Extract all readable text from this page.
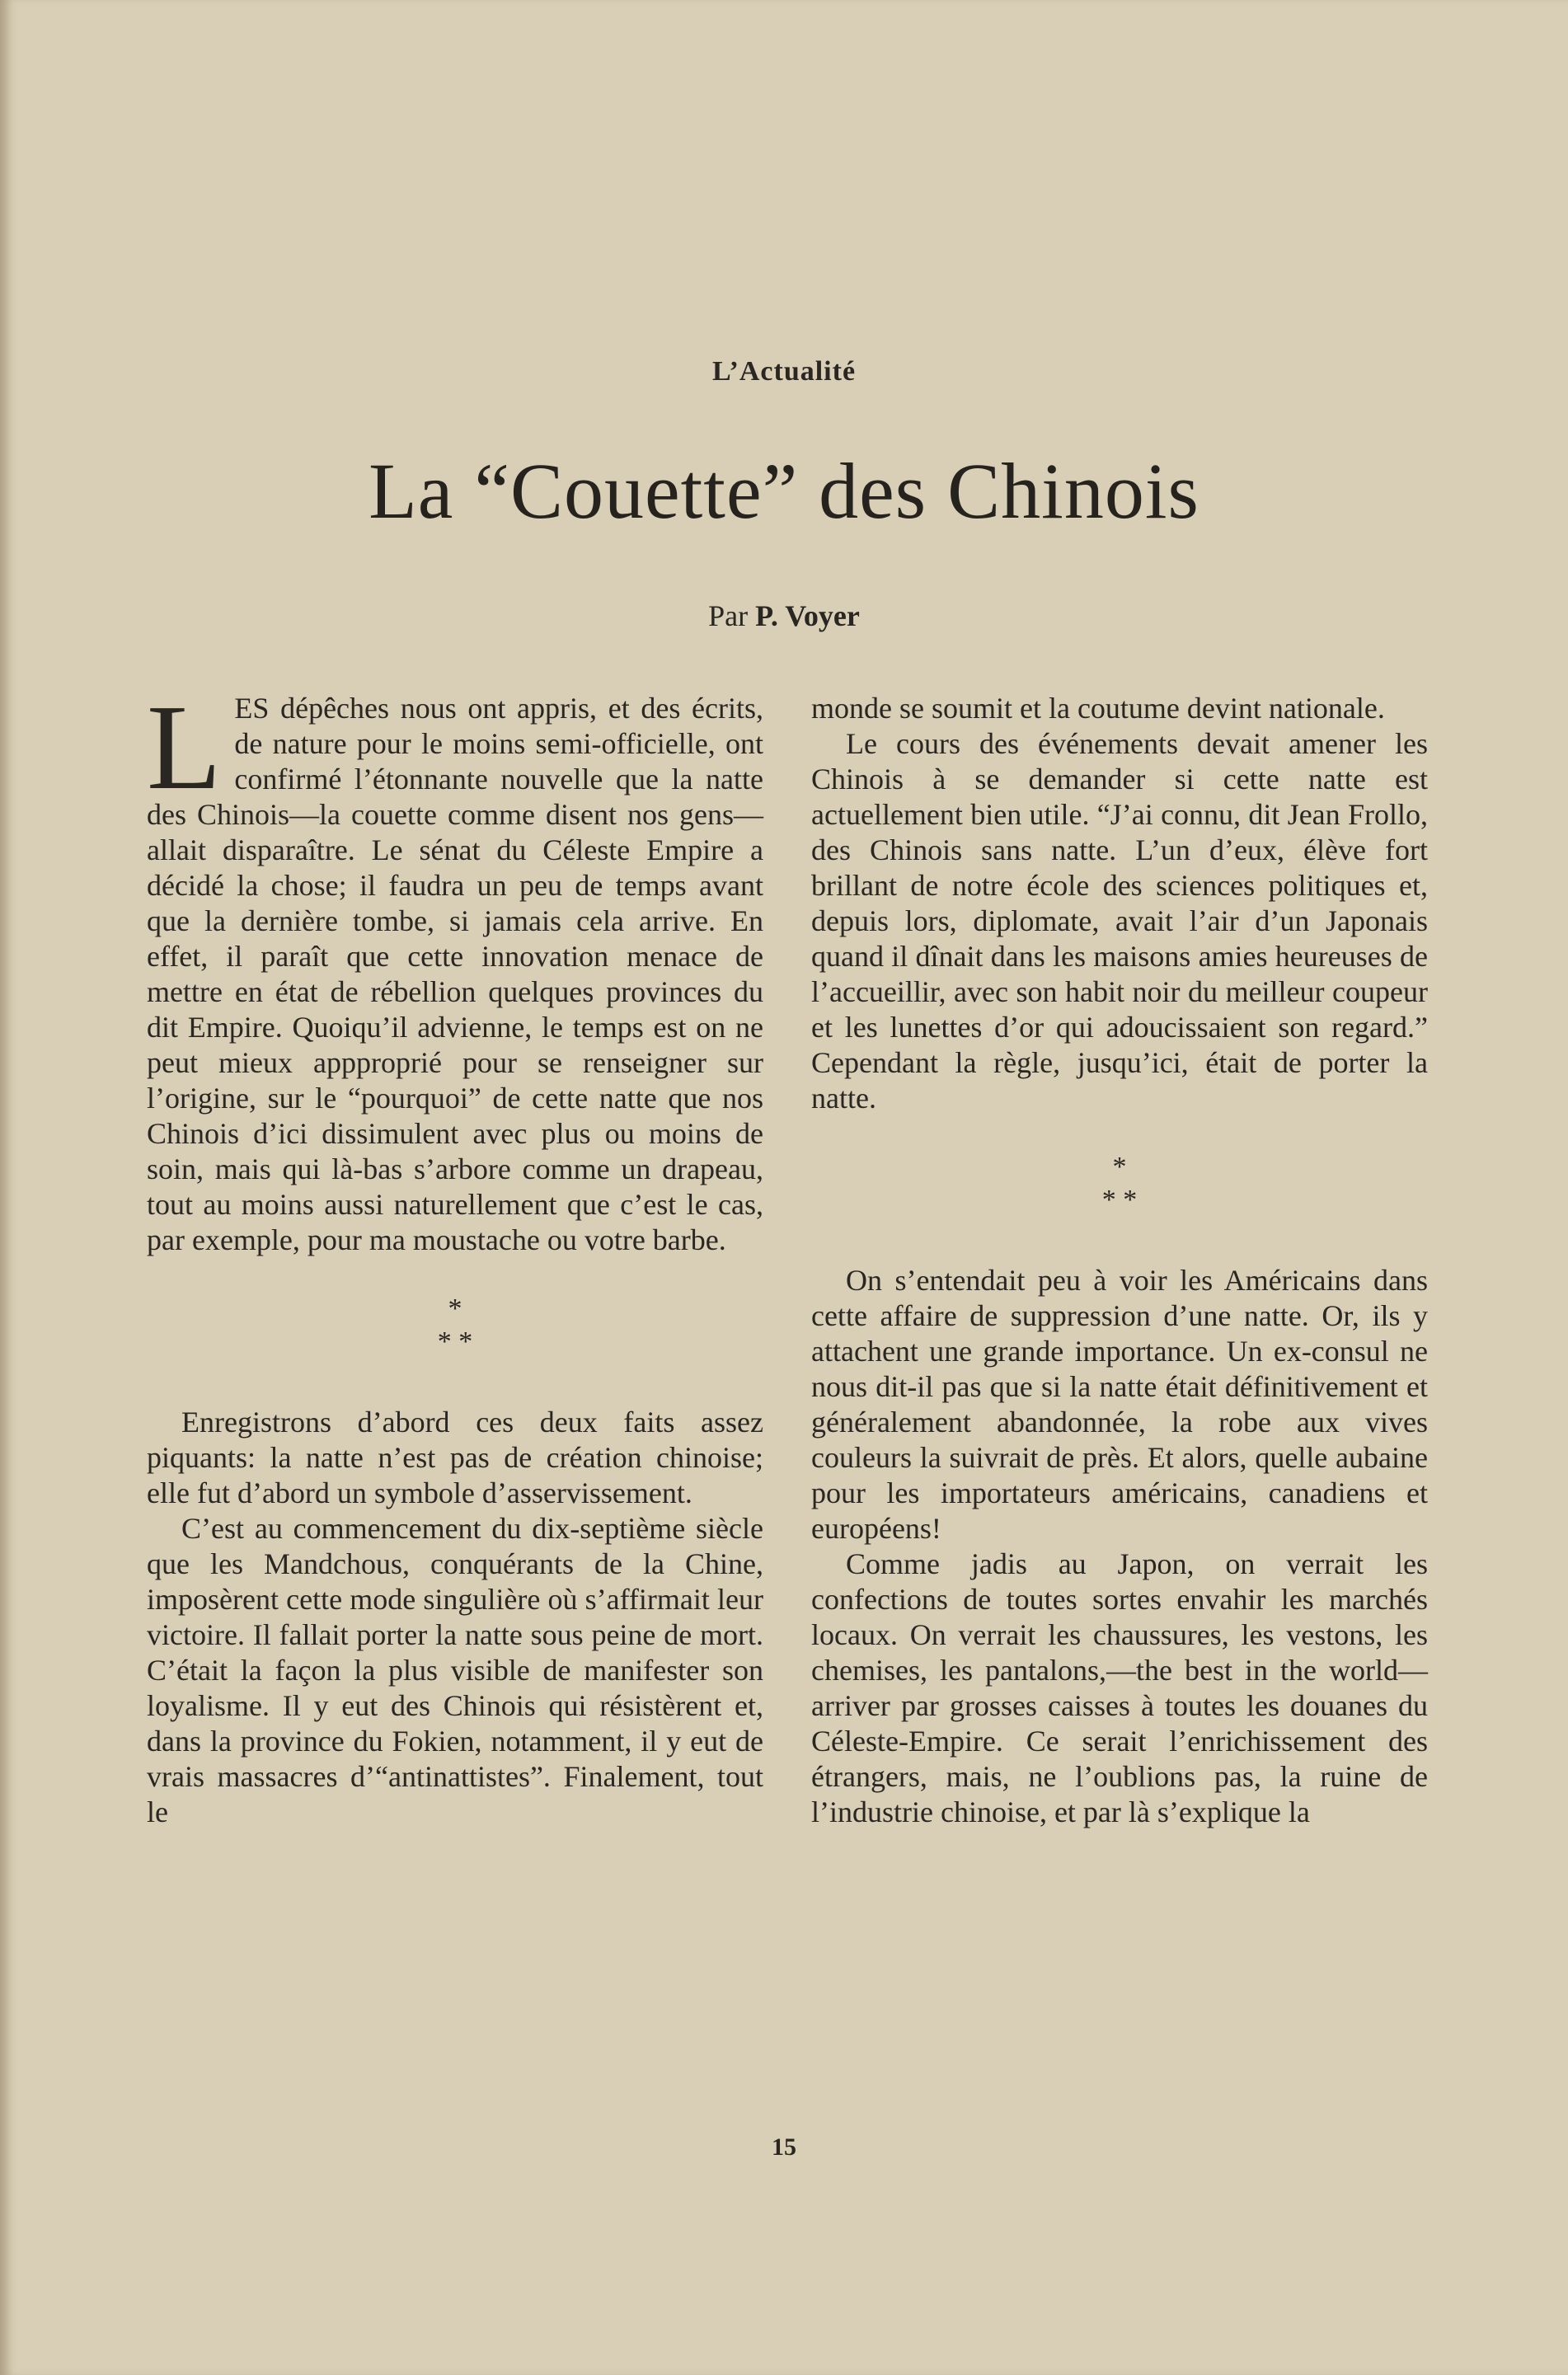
L’Actualité
La “Couette” des Chinois
Par P. Voyer

LES dépêches nous ont appris, et des écrits, de nature pour le moins semi-officielle, ont confirmé l’étonnante nouvelle que la natte des Chinois—la couette comme disent nos gens— allait disparaître. Le sénat du Céleste Empire a décidé la chose; il faudra un peu de temps avant que la dernière tombe, si jamais cela arrive. En effet, il paraît que cette innovation menace de mettre en état de rébellion quelques provinces du dit Empire. Quoiqu’il advienne, le temps est on ne peut mieux appproprié pour se renseigner sur l’origine, sur le “pourquoi” de cette natte que nos Chinois d’ici dissimulent avec plus ou moins de soin, mais qui là-bas s’arbore comme un drapeau, tout au moins aussi naturellement que c’est le cas, par exemple, pour ma moustache ou votre barbe.

*
* *

Enregistrons d’abord ces deux faits assez piquants: la natte n’est pas de création chinoise; elle fut d’abord un symbole d’asservissement.

C’est au commencement du dix-septième siècle que les Mandchous, conquérants de la Chine, imposèrent cette mode singulière où s’affirmait leur victoire. Il fallait porter la natte sous peine de mort. C’était la façon la plus visible de manifester son loyalisme. Il y eut des Chinois qui résistèrent et, dans la province du Fokien, notamment, il y eut de vrais massacres d’“antinattistes”. Finalement, tout le

monde se soumit et la coutume devint nationale.

Le cours des événements devait amener les Chinois à se demander si cette natte est actuellement bien utile. “J’ai connu, dit Jean Frollo, des Chinois sans natte. L’un d’eux, élève fort brillant de notre école des sciences politiques et, depuis lors, diplomate, avait l’air d’un Japonais quand il dînait dans les maisons amies heureuses de l’accueillir, avec son habit noir du meilleur coupeur et les lunettes d’or qui adoucissaient son regard.” Cependant la règle, jusqu’ici, était de porter la natte.

*
* *

On s’entendait peu à voir les Américains dans cette affaire de suppression d’une natte. Or, ils y attachent une grande importance. Un ex-consul ne nous dit-il pas que si la natte était définitivement et généralement abandonnée, la robe aux vives couleurs la suivrait de près. Et alors, quelle aubaine pour les importateurs américains, canadiens et européens!

Comme jadis au Japon, on verrait les confections de toutes sortes envahir les marchés locaux. On verrait les chaussures, les vestons, les chemises, les pantalons,—the best in the world— arriver par grosses caisses à toutes les douanes du Céleste-Empire. Ce serait l’enrichissement des étrangers, mais, ne l’oublions pas, la ruine de l’industrie chinoise, et par là s’explique la

15
